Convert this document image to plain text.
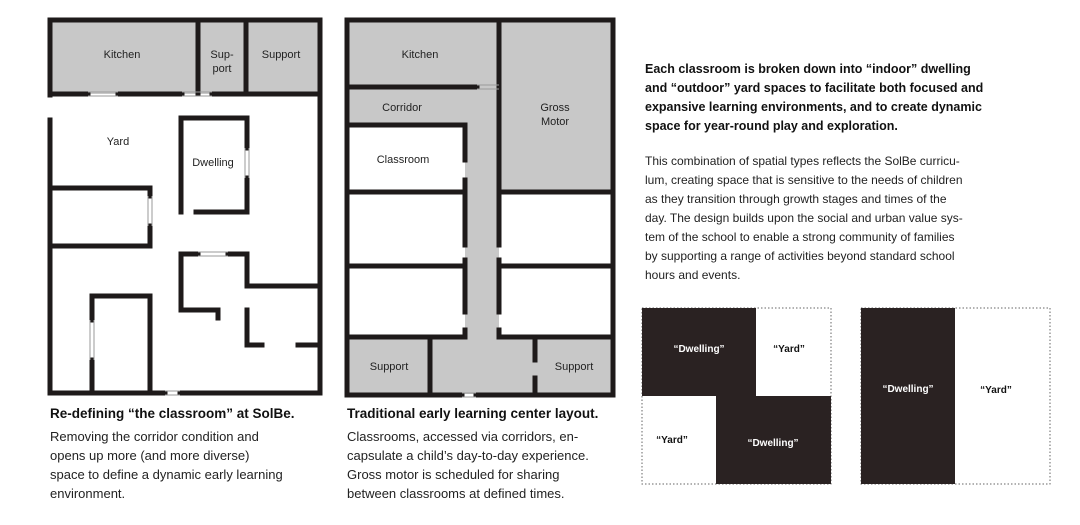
Kitchen	Sup-
port
Support
Yard
Dwelling
Re-defining “the classroom” at SolBe.
Removing the corridor condition and
opens up more (and more diverse)
space to define a dynamic early learning
environment.
Kitchen
Corridor	Gross
Motor
Classroom
Support	Support
Traditional early learning center layout.
Classrooms, accessed via corridors, en-
capsulate a child’s day-to-day experience.
Gross motor is scheduled for sharing
between classrooms at defined times.
Each classroom is broken down into “indoor” dwelling
and “outdoor” yard spaces to facilitate both focused and
expansive learning environments, and to create dynamic
space for year-round play and exploration.
This combination of spatial types reflects the SolBe curricu-
lum, creating space that is sensitive to the needs of children
as they transition through growth stages and times of the
day. The design builds upon the social and urban value sys-
tem of the school to enable a strong community of families
by supporting a range of activities beyond standard school
hours and events.
“Dwelling”	“Yard”
“Yard”	“Dwelling”
“Dwelling”	“Yard”
